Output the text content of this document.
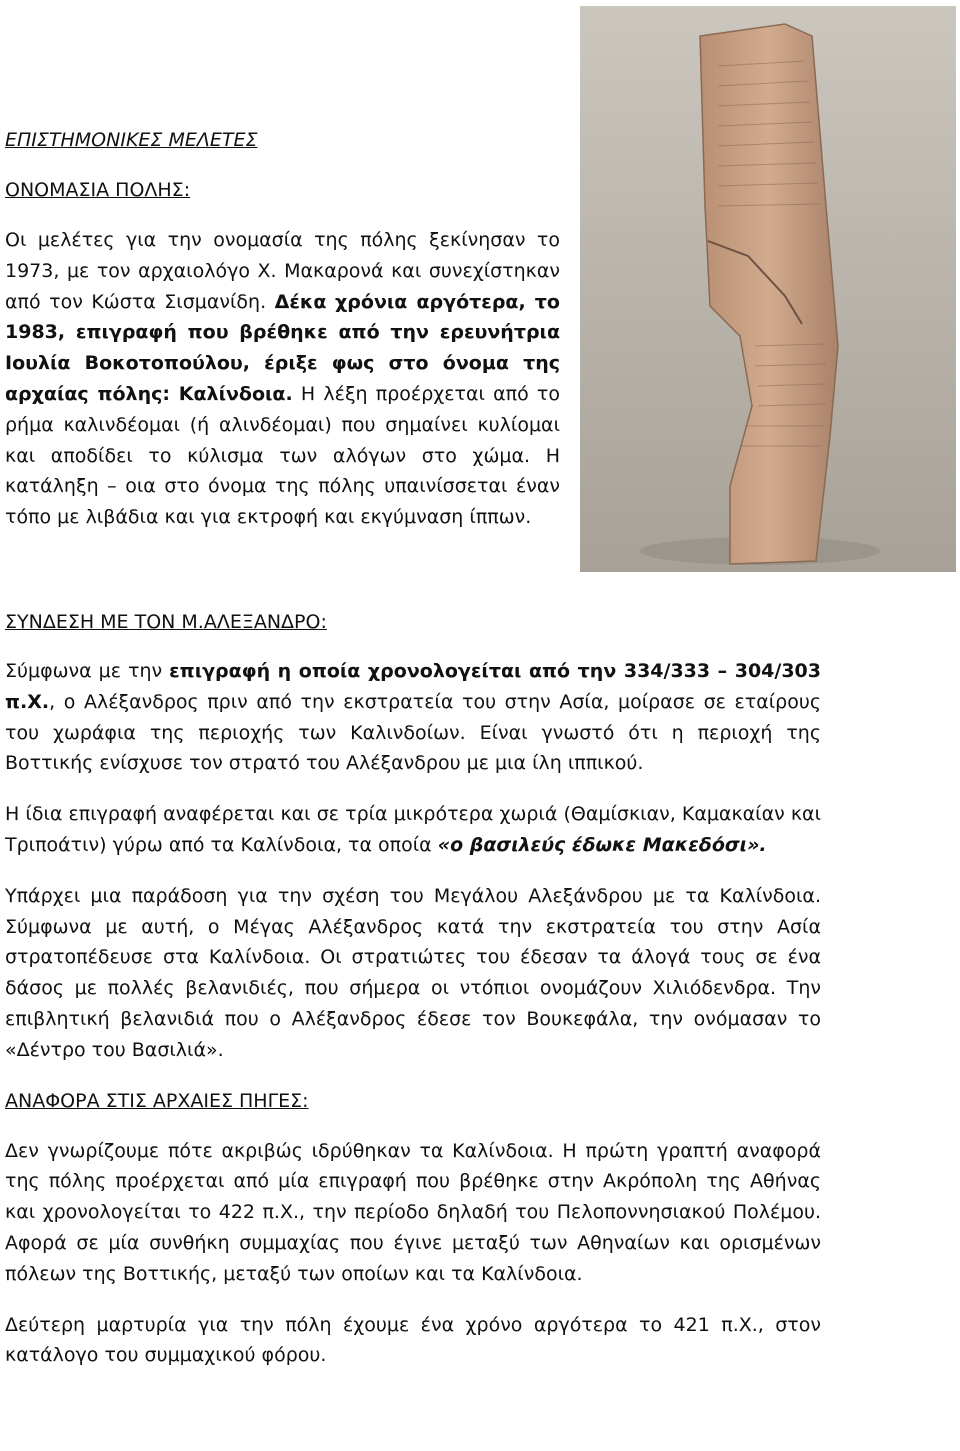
ΕΠΙΣΤΗΜΟΝΙΚΕΣ ΜΕΛΕΤΕΣ
ΟΝΟΜΑΣΙΑ ΠΟΛΗΣ:

Οι μελέτες για την ονομασία της πόλης ξεκίνησαν το 1973, με τον αρχαιολόγο Χ. Μακαρονά και συνεχίστηκαν από τον Κώστα Σισμανίδη. Δέκα χρόνια αργότερα, το 1983, επιγραφή που βρέθηκε από την ερευνήτρια Ιουλία Βοκοτοπούλου, έριξε φως στο όνομα της αρχαίας πόλης: Καλίνδοια. Η λέξη προέρχεται από το ρήμα καλινδέομαι (ή αλινδέομαι) που σημαίνει κυλίομαι και αποδίδει το κύλισμα των αλόγων στο χώμα. Η κατάληξη – οια στο όνομα της πόλης υπαινίσσεται έναν τόπο με λιβάδια και για εκτροφή και εκγύμναση ίππων.

ΣΥΝΔΕΣΗ ΜΕ ΤΟΝ Μ.ΑΛΕΞΑΝΔΡΟ:

Σύμφωνα με την επιγραφή η οποία χρονολογείται από την 334/333 – 304/303 π.Χ., ο Αλέξανδρος πριν από την εκστρατεία του στην Ασία, μοίρασε σε εταίρους του χωράφια της περιοχής των Καλινδοίων. Είναι γνωστό ότι η περιοχή της Βοττικής ενίσχυσε τον στρατό του Αλέξανδρου με μια ίλη ιππικού.

Η ίδια επιγραφή αναφέρεται και σε τρία μικρότερα χωριά (Θαμίσκιαν, Καμακαίαν και Τριποάτιν) γύρω από τα Καλίνδοια, τα οποία «ο βασιλεύς έδωκε Μακεδόσι».

Υπάρχει μια παράδοση για την σχέση του Μεγάλου Αλεξάνδρου με τα Καλίνδοια. Σύμφωνα με αυτή, ο Μέγας Αλέξανδρος κατά την εκστρατεία του στην Ασία στρατοπέδευσε στα Καλίνδοια. Οι στρατιώτες του έδεσαν τα άλογά τους σε ένα δάσος με πολλές βελανιδιές, που σήμερα οι ντόπιοι ονομάζουν Χιλιόδενδρα. Την επιβλητική βελανιδιά που ο Αλέξανδρος έδεσε τον Βουκεφάλα, την ονόμασαν το «Δέντρο του Βασιλιά».

ΑΝΑΦΟΡΑ ΣΤΙΣ ΑΡΧΑΙΕΣ ΠΗΓΕΣ:

Δεν γνωρίζουμε πότε ακριβώς ιδρύθηκαν τα Καλίνδοια. Η πρώτη γραπτή αναφορά της πόλης προέρχεται από μία επιγραφή που βρέθηκε στην Ακρόπολη της Αθήνας και χρονολογείται το 422 π.Χ., την περίοδο δηλαδή του Πελοποννησιακού Πολέμου. Αφορά σε μία συνθήκη συμμαχίας που έγινε μεταξύ των Αθηναίων και ορισμένων πόλεων της Βοττικής, μεταξύ των οποίων και τα Καλίνδοια.

Δεύτερη μαρτυρία για την πόλη έχουμε ένα χρόνο αργότερα το 421 π.Χ., στον κατάλογο του συμμαχικού φόρου.
